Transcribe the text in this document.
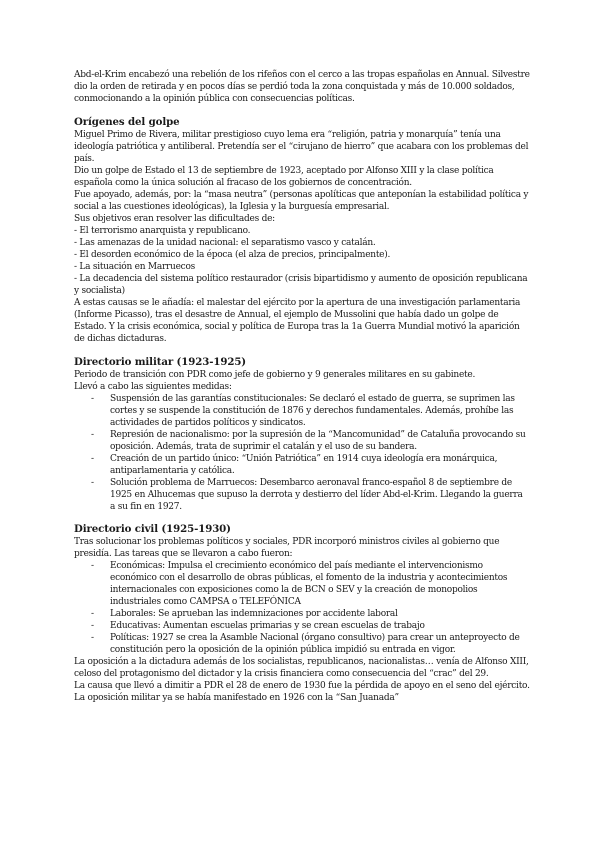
Abd-el-Krim encabezó una rebelión de los rifeños con el cerco a las tropas españolas en Annual. Silvestre dio la orden de retirada y en pocos días se perdió toda la zona conquistada y más de 10.000 soldados, conmocionando a la opinión pública con consecuencias políticas.

Orígenes del golpe

Miguel Primo de Rivera, militar prestigioso cuyo lema era “religión, patria y monarquía” tenía una ideología patriótica y antiliberal. Pretendía ser el “cirujano de hierro” que acabara con los problemas del país.

Dio un golpe de Estado el 13 de septiembre de 1923, aceptado por Alfonso XIII y la clase política española como la única solución al fracaso de los gobiernos de concentración.

Fue apoyado, además, por: la “masa neutra” (personas apolíticas que anteponían la estabilidad política y social a las cuestiones ideológicas), la Iglesia y la burguesía empresarial.

Sus objetivos eran resolver las dificultades de:

- El terrorismo anarquista y republicano.

- Las amenazas de la unidad nacional: el separatismo vasco y catalán.

- El desorden económico de la época (el alza de precios, principalmente).

- La situación en Marruecos

- La decadencia del sistema político restaurador (crisis bipartidismo y aumento de oposición republicana y socialista)

A estas causas se le añadía: el malestar del ejército por la apertura de una investigación parlamentaria (Informe Picasso), tras el desastre de Annual, el ejemplo de Mussolini que había dado un golpe de Estado. Y la crisis económica, social y política de Europa tras la 1a Guerra Mundial motivó la aparición de dichas dictaduras.

Directorio militar (1923-1925)

Periodo de transición con PDR como jefe de gobierno y 9 generales militares en su gabinete.

Llevó a cabo las siguientes medidas:

- Suspensión de las garantías constitucionales: Se declaró el estado de guerra, se suprimen las cortes y se suspende la constitución de 1876 y derechos fundamentales. Además, prohíbe las actividades de partidos políticos y sindicatos.
- Represión de nacionalismo: por la supresión de la “Mancomunidad” de Cataluña provocando su oposición. Además, trata de suprimir el catalán y el uso de su bandera.
- Creación de un partido único: “Unión Patriótica” en 1914 cuya ideología era monárquica, antiparlamentaria y católica.
- Solución problema de Marruecos: Desembarco aeronaval franco-español 8 de septiembre de 1925 en Alhucemas que supuso la derrota y destierro del líder Abd-el-Krim. Llegando la guerra a su fin en 1927.
Directorio civil (1925-1930)

Tras solucionar los problemas políticos y sociales, PDR incorporó ministros civiles al gobierno que presidía. Las tareas que se llevaron a cabo fueron:

- Económicas: Impulsa el crecimiento económico del país mediante el intervencionismo económico con el desarrollo de obras públicas, el fomento de la industria y acontecimientos internacionales con exposiciones como la de BCN o SEV y la creación de monopolios industriales como CAMPSA o TELEFÓNICA
- Laborales: Se aprueban las indemnizaciones por accidente laboral
- Educativas: Aumentan escuelas primarias y se crean escuelas de trabajo
- Políticas: 1927 se crea la Asamble Nacional (órgano consultivo) para crear un anteproyecto de constitución pero la oposición de la opinión pública impidió su entrada en vigor.

La oposición a la dictadura además de los socialistas, republicanos, nacionalistas… venía de Alfonso XIII, celoso del protagonismo del dictador y la crisis financiera como consecuencia del “crac” del 29.

La causa que llevó a dimitir a PDR el 28 de enero de 1930 fue la pérdida de apoyo en el seno del ejército. La oposición militar ya se había manifestado en 1926 con la “San Juanada”
